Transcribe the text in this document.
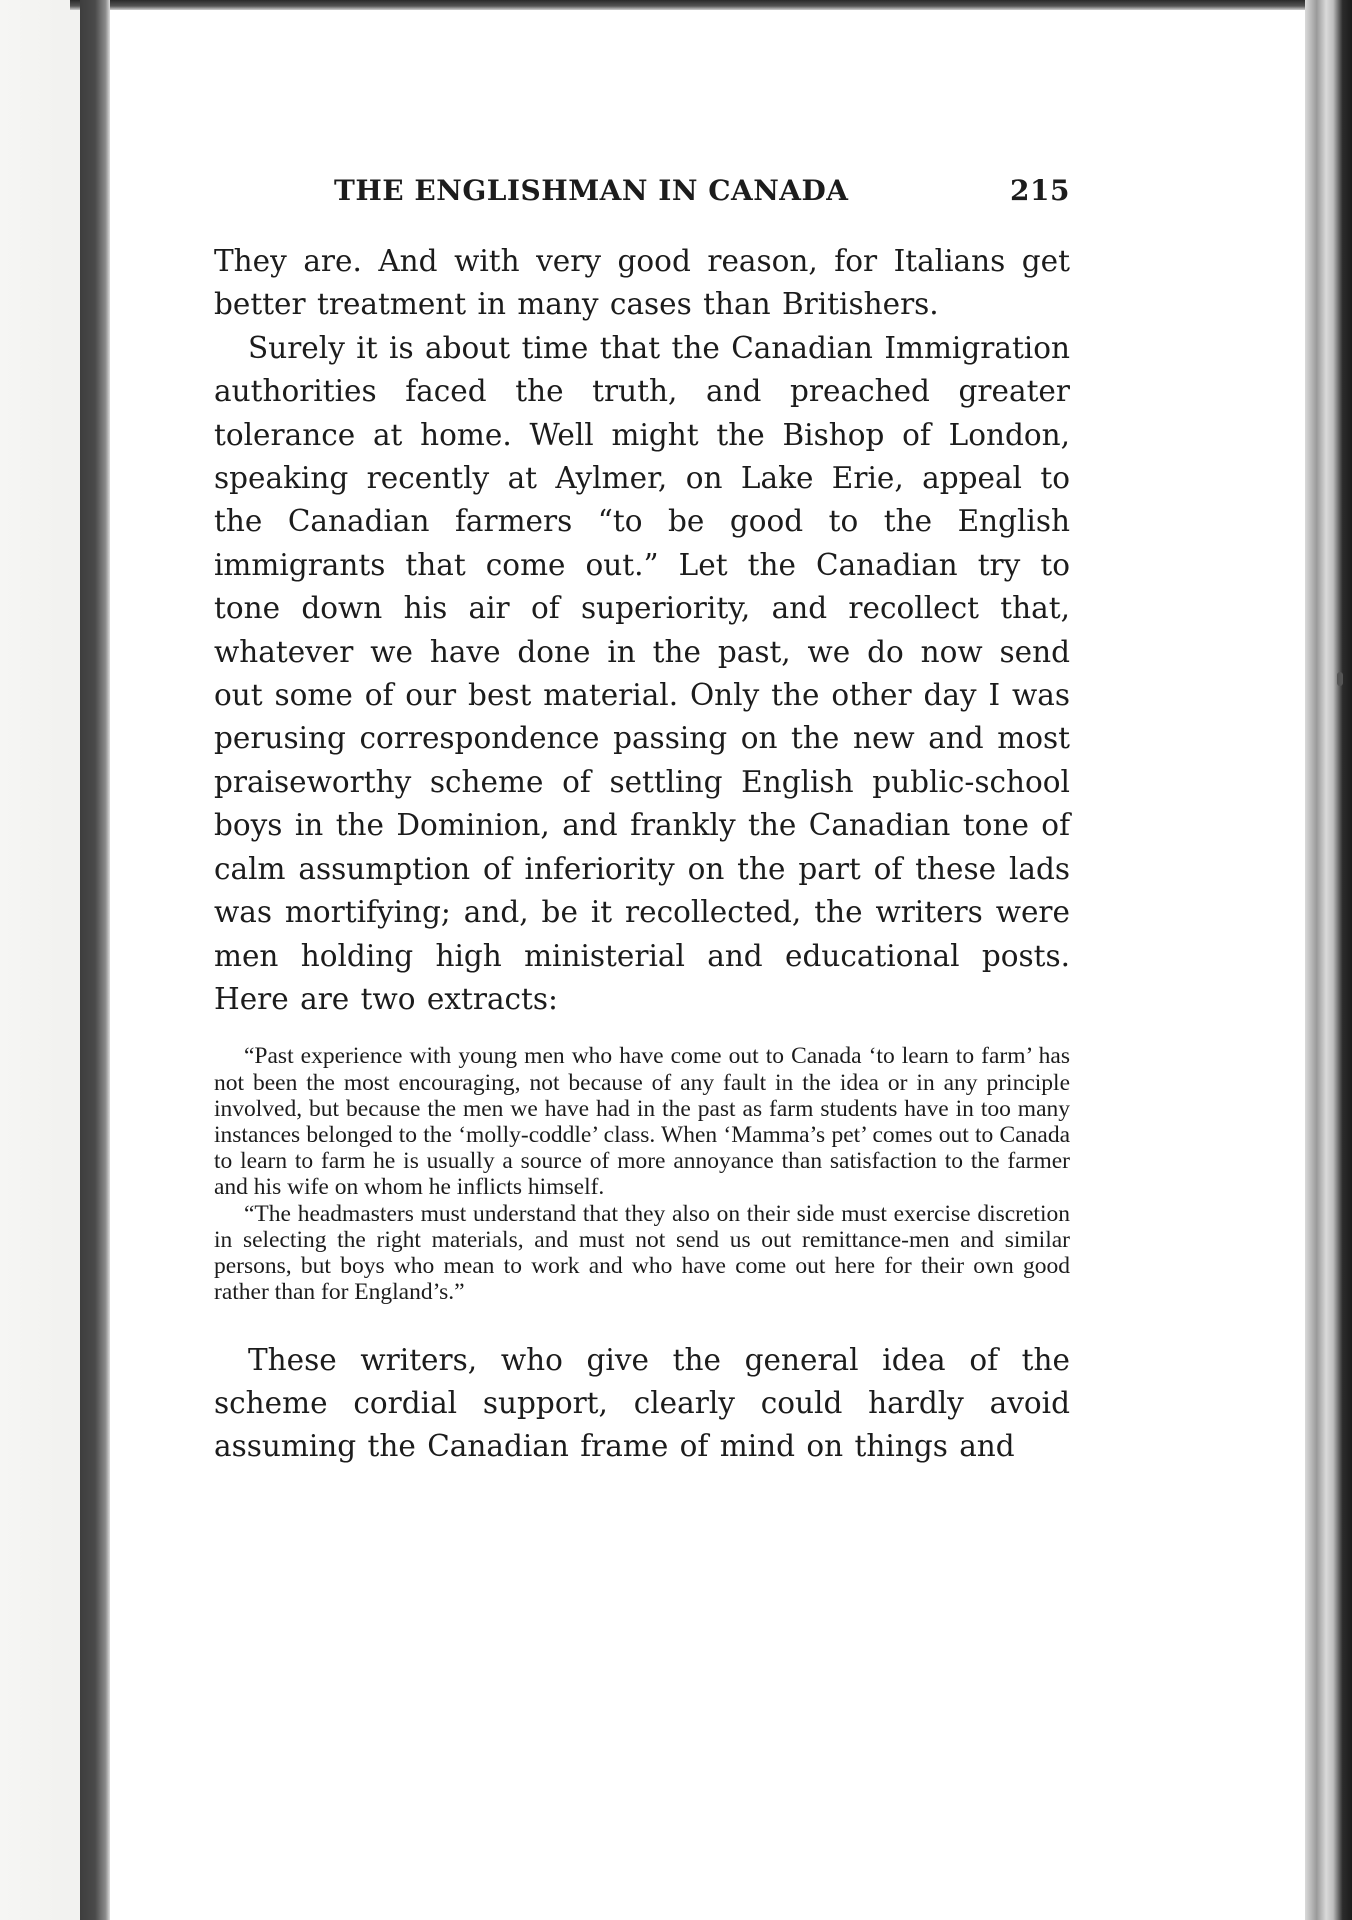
THE ENGLISHMAN IN CANADA	215

They are. And with very good reason, for Italians get better treatment in many cases than Britishers.

Surely it is about time that the Canadian Immigration authorities faced the truth, and preached greater tolerance at home. Well might the Bishop of London, speaking recently at Aylmer, on Lake Erie, appeal to the Canadian farmers “to be good to the English immigrants that come out.” Let the Canadian try to tone down his air of superiority, and recollect that, whatever we have done in the past, we do now send out some of our best material. Only the other day I was perusing correspondence passing on the new and most praiseworthy scheme of settling English public-school boys in the Dominion, and frankly the Canadian tone of calm assumption of inferiority on the part of these lads was mortifying; and, be it recollected, the writers were men holding high ministerial and educational posts. Here are two extracts:

“Past experience with young men who have come out to Canada ‘to learn to farm’ has not been the most encouraging, not because of any fault in the idea or in any principle involved, but because the men we have had in the past as farm students have in too many instances belonged to the ‘molly-coddle’ class. When ‘Mamma’s pet’ comes out to Canada to learn to farm he is usually a source of more annoyance than satisfaction to the farmer and his wife on whom he inflicts himself.

“The headmasters must understand that they also on their side must exercise discretion in selecting the right materials, and must not send us out remittance-men and similar persons, but boys who mean to work and who have come out here for their own good rather than for England’s.”

These writers, who give the general idea of the scheme cordial support, clearly could hardly avoid assuming the Canadian frame of mind on things and
